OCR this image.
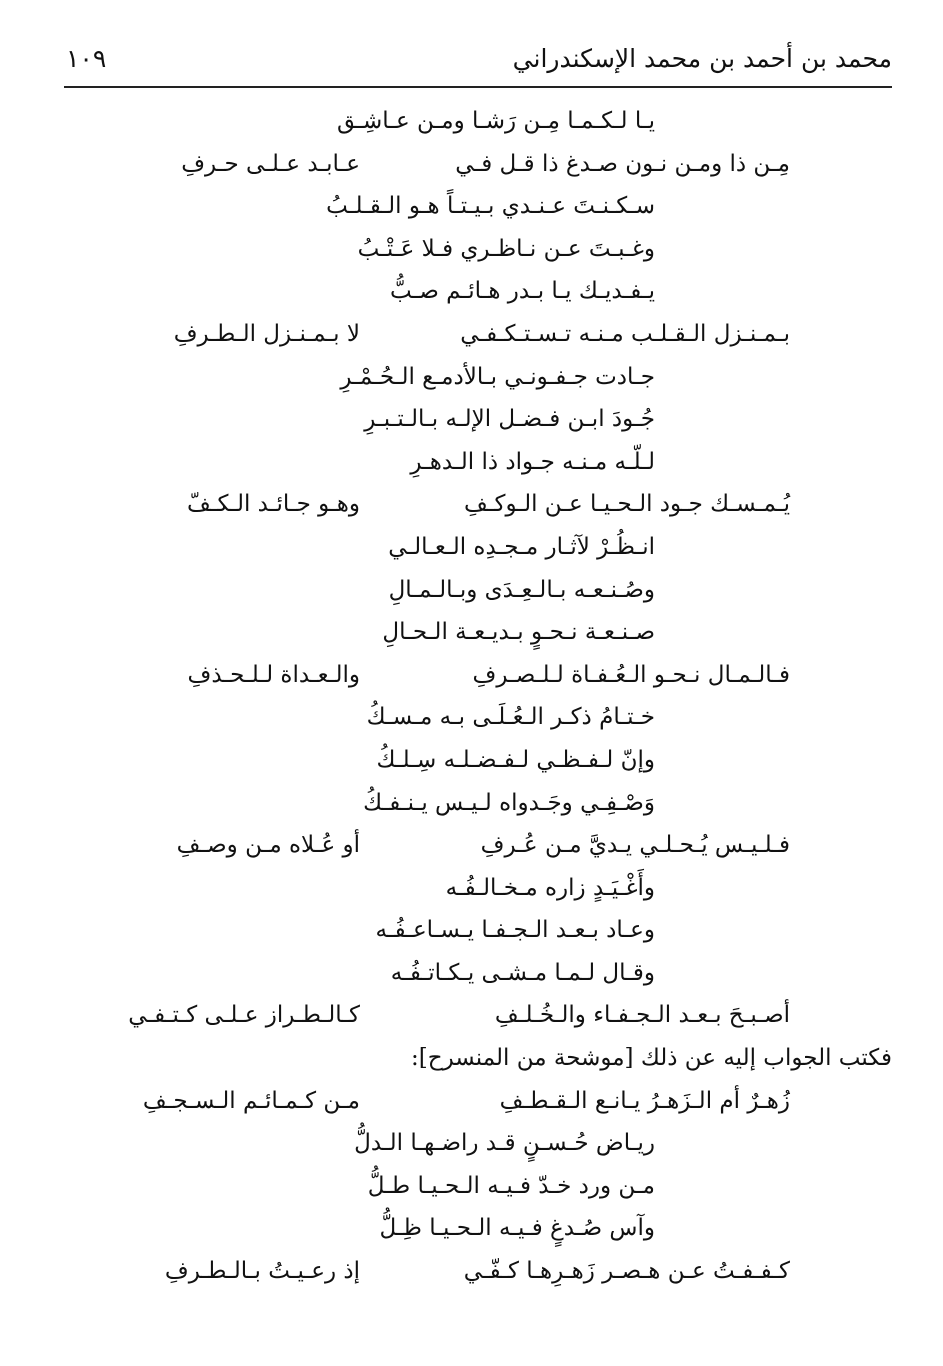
محمد بن أحمد بن محمد الإسكندراني
١٠٩
يـا لـكـمـا مِـن رَشـا ومـن عـاشِـق
مِـن ذا ومـن نـون صـدغ ذا قـل فـي
عـابـد عـلـى حـرفِ
سـكـنـتَ عـنـدي بـيـتـاً هـو الـقـلـبُ
وغـبـتَ عـن نـاظـري فـلا عَـتْـبُ
يـفـديـك يـا بـدر هـائـم صـبُّ
بـمـنـزل الـقـلـب مـنـه تـسـتـكـفـي
لا بـمـنـزل الـطـرفِ
جـادت جـفـونـي بـالأدمـع الـحُـمْـرِ
جُـودَ ابـن فـضـل الإلـه بـالـتـبـرِ
لـلّـه مـنـه جـواد ذا الـدهـرِ
يُـمـسـك جـود الـحـيـا عـن الـوكـفِ
وهـو جـائـد الـكـفّ
انـظُـرْ لآثـار مـجـدِه الـعـالـي
وصُـنـعـه بـالـعِـدَى وبـالـمـالِ
صـنـعـة نـحـوٍ بـديـعـة الـحـالِ
فـالـمـال نـحـو الـعُـفـاة لـلـصـرفِ
والـعـداة لـلـحـذفِ
خـتـامُ ذكـر الـعُـلَـى بـه مـسـكُ
وإنّ لـفـظـي لـفـضـلـه سِـلـكُ
وَصْـفِـي وجَـدواه لـيـس يـنـفـكُ
فـلـيـس يُـحـلـي يـديَّ مـن عُـرفِ
أو عُـلاه مـن وصـفِ
وأَغْـيَـدٍ زاره مـخـالـفُـه
وعـاد بـعـد الـجـفـا يـسـاعـفُـه
وقـال لـمـا مـشـى يـكـاتـفُـه
أصـبـحَ بـعـد الـجـفـاء والـخُـلـفِ
كـالـطـراز عـلـى كـتـفـي
فكتب الجواب إليه عن ذلك [موشحة من المنسرح]:
زُهـرٌ أم الـزَهـرُ يـانـع الـقـطـفِ
مـن كـمـائـم الـسـجـفِ
ريـاض حُـسـنٍ قـد راضـهـا الـدلُّ
مـن ورد خـدّ فـيـه الـحـيـا طـلُّ
وآس صُـدغٍ فـيـه الـحـيـا ظِـلُّ
كـفـفـتُ عـن هـصـر زَهـرِهـا كـفّـي
إذ رعـيـتُ بـالـطـرفِ
